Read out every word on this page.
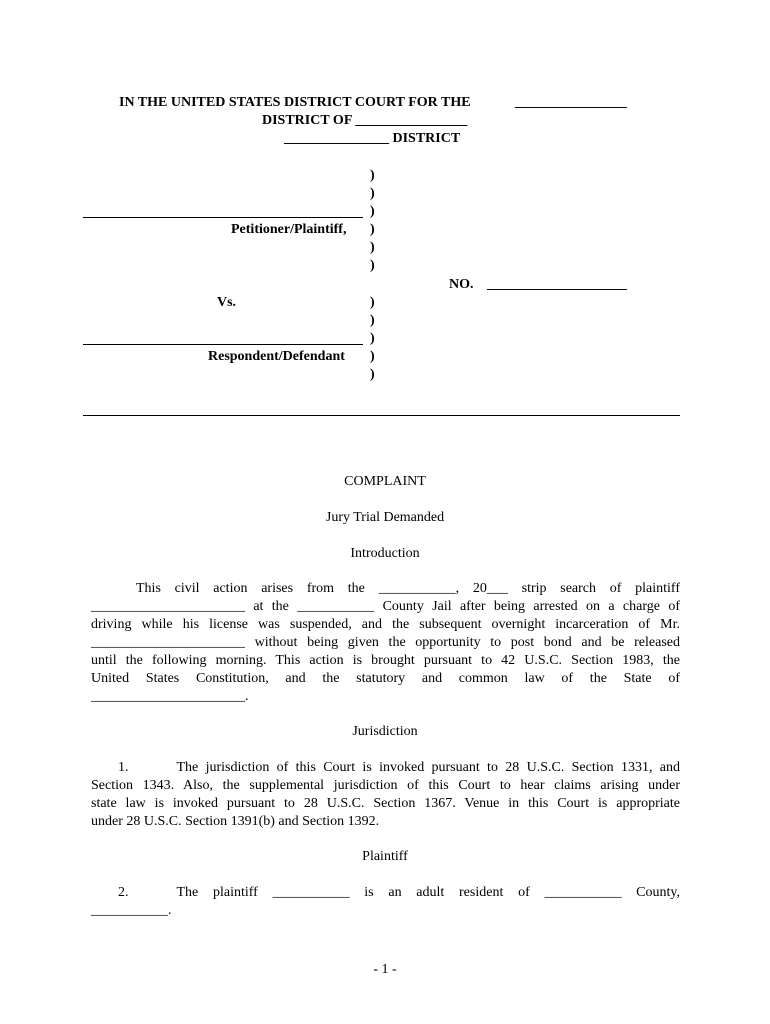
IN THE UNITED STATES DISTRICT COURT FOR THE	________________
DISTRICT OF ________________
_______________ DISTRICT
)
)
)
)
)
)
)
)
)
)
)
Petitioner/Plaintiff,
Vs.
Respondent/Defendant
NO. ____________________
COMPLAINT
Jury Trial Demanded
Introduction
This civil action arises from the ___________, 20___ strip search of plaintiff
______________________ at the ___________ County Jail after being arrested on a charge of
driving while his license was suspended, and the subsequent overnight incarceration of Mr.
______________________ without being given the opportunity to post bond and be released
until the following morning. This action is brought pursuant to 42 U.S.C. Section 1983, the
United States Constitution, and the statutory and common law of the State of
______________________.
Jurisdiction
1.	The jurisdiction of this Court is invoked pursuant to 28 U.S.C. Section 1331, and
Section 1343. Also, the supplemental jurisdiction of this Court to hear claims arising under
state law is invoked pursuant to 28 U.S.C. Section 1367. Venue in this Court is appropriate
under 28 U.S.C. Section 1391(b) and Section 1392.
Plaintiff
2.	The plaintiff ___________ is an adult resident of ___________ County,
___________.
- 1 -
